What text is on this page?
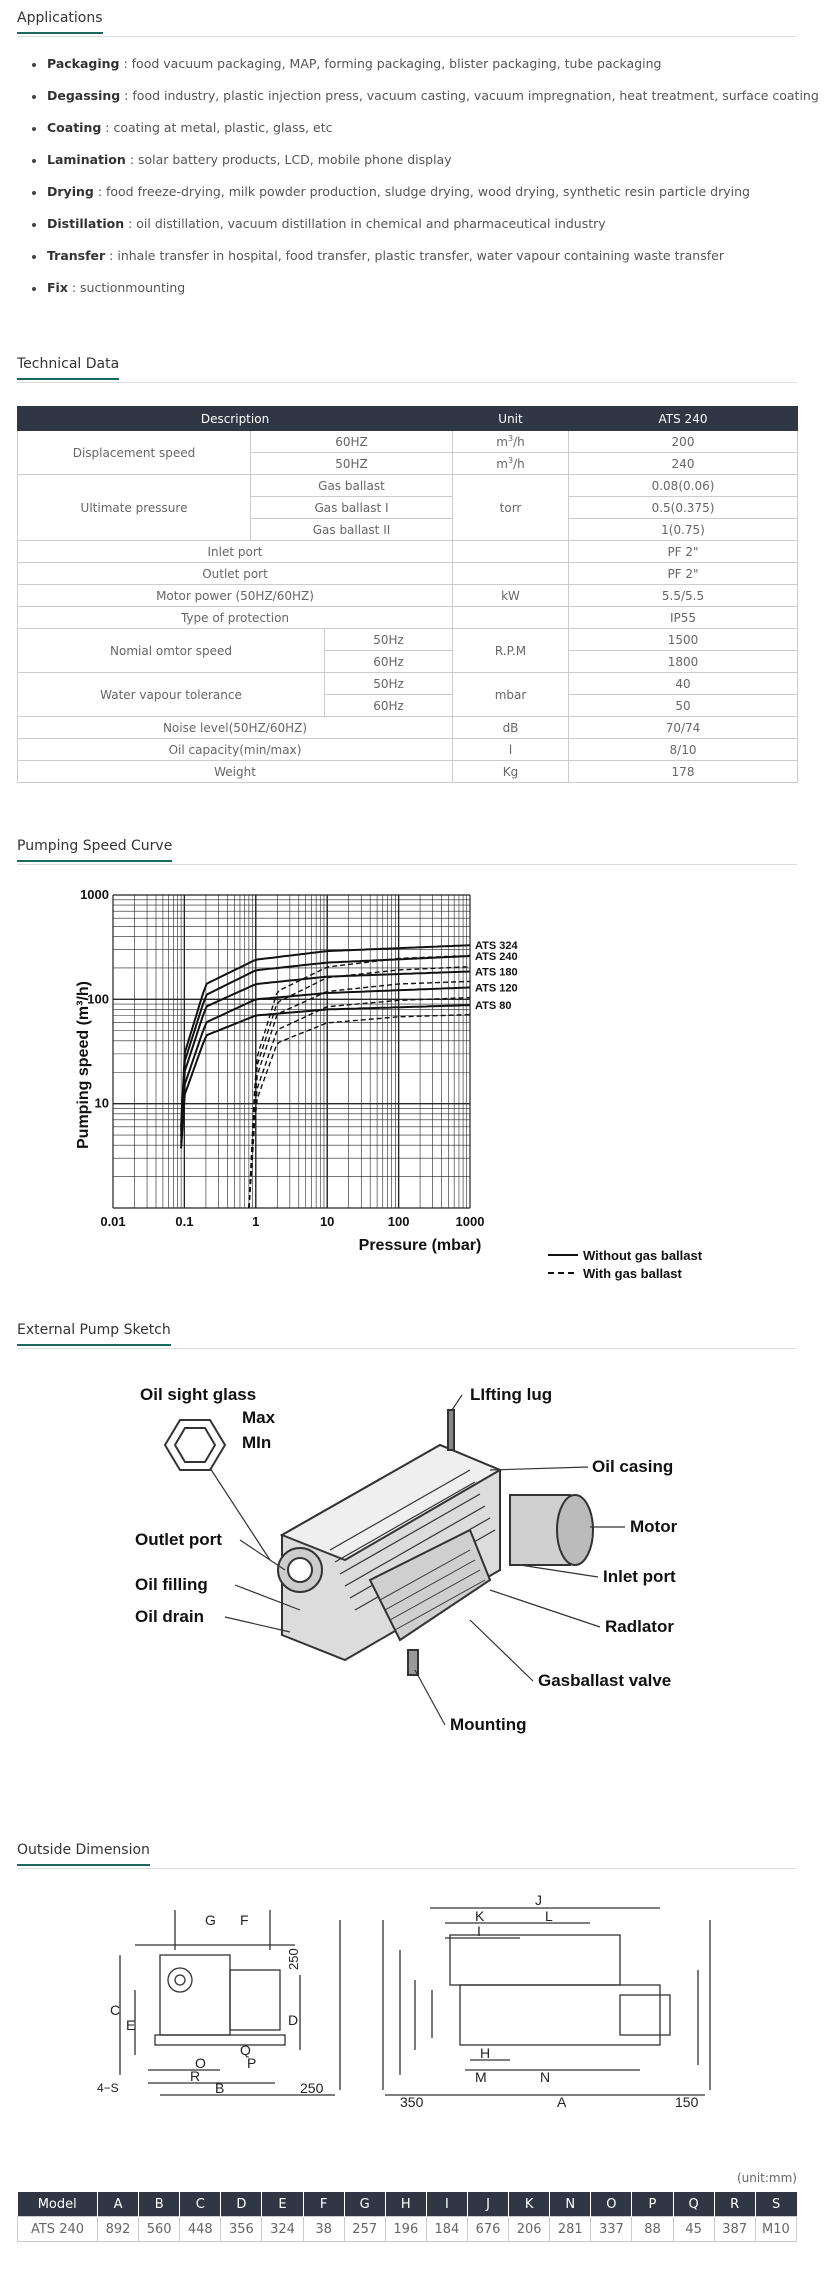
Applications
Packaging : food vacuum packaging, MAP, forming packaging, blister packaging, tube packaging
Degassing : food industry, plastic injection press, vacuum casting, vacuum impregnation, heat treatment, surface coating
Coating : coating at metal, plastic, glass, etc
Lamination : solar battery products, LCD, mobile phone display
Drying : food freeze-drying, milk powder production, sludge drying, wood drying, synthetic resin particle drying
Distillation : oil distillation, vacuum distillation in chemical and pharmaceutical industry
Transfer : inhale transfer in hospital, food transfer, plastic transfer, water vapour containing waste transfer
Fix : suctionmounting
Technical Data
Description			Unit	ATS 240
Displacement speed	60HZ		$m^3/h$	200
	50HZ		$m^3/h$	240
Ultimate pressure	Gas ballast		torr	0.08(0.06)
	Gas ballast I			0.5(0.375)
	Gas ballast II			1(0.75)
Inlet port				PF 2"
Outlet port				PF 2"
Motor power (50HZ/60HZ)			kW	5.5/5.5
Type of protection				IP55
Nomial omtor speed		50Hz	R.P.M	1500
		60Hz		1800
Water vapour tolerance		50Hz	mbar	40
		60Hz		50
Noise level(50HZ/60HZ)			dB	70/74
Oil capacity(min/max)			l	8/10
Weight			Kg	178
Pumping Speed Curve
0.01	0.1	1	10	100	1000
10
100
1000
ATS 324
ATS 240
ATS 180
ATS 120
ATS 80
Pressure (mbar)
Pumping speed (m³/h)
Without gas ballast
With gas ballast
External Pump Sketch
Oil sight glass
Max
MIn
Outlet port
Oil filling
Oil drain
LIfting lug
Oil casing
Motor
Inlet port
Radlator
Gasballast valve
Mounting
Outside Dimension
G F
C
E	D
Q
O
R
P
B
4−S
250
250
J
K	L
I
H
M	N
A
350	150
(unit:mm)
Model	A	B	C	D	E	F	G	H	I	J	K	N	O	P	Q	R	S
ATS 240	892	560	448	356	324	38	257	196	184	676	206	281	337	88	45	387	M10
